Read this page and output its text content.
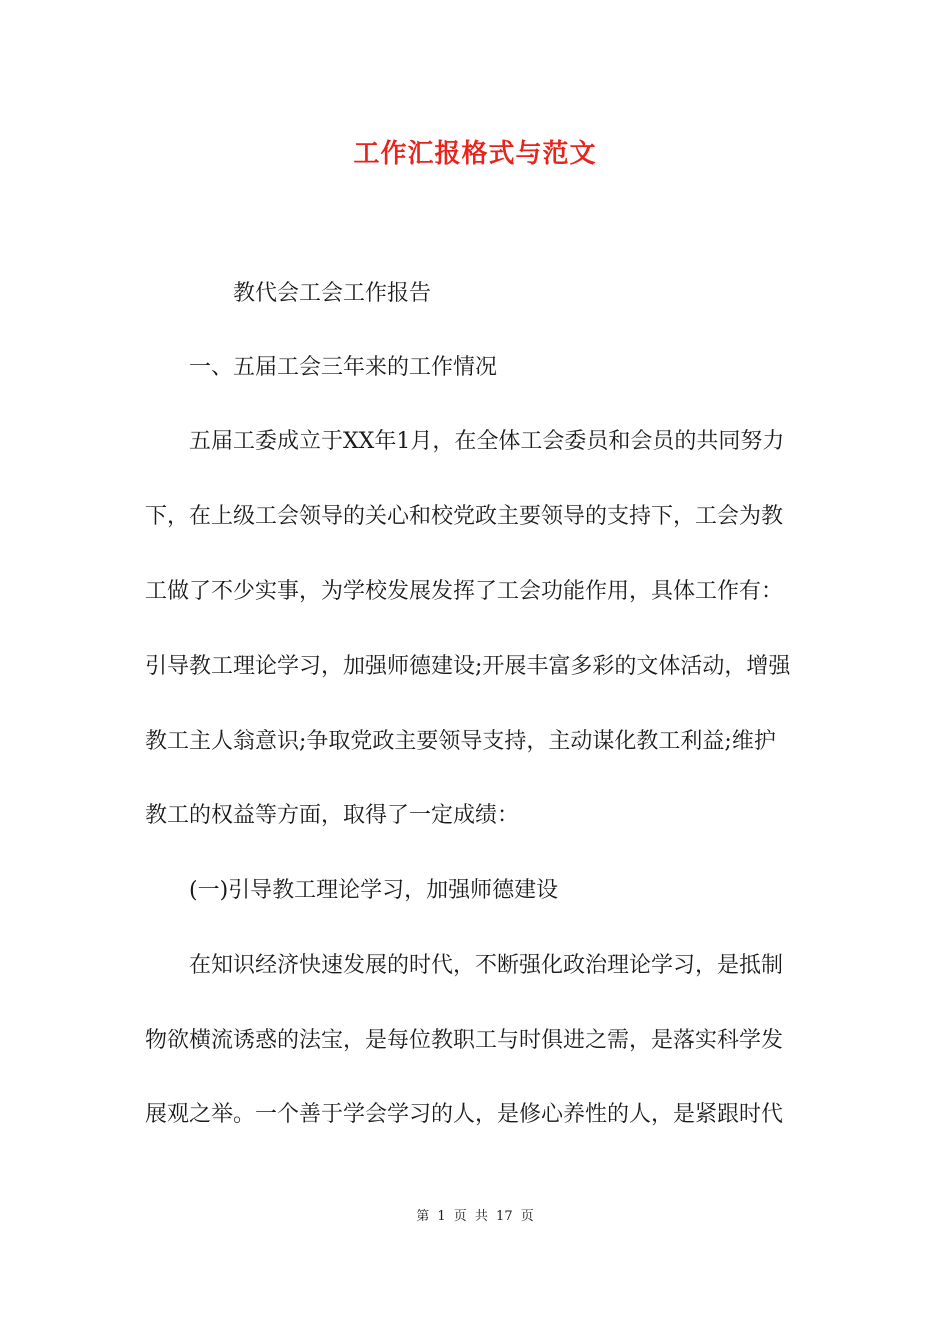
工作汇报格式与范文
教代会工会工作报告
一、五届工会三年来的工作情况
五届工委成立于XX年1月，在全体工会委员和会员的共同努力
下，在上级工会领导的关心和校党政主要领导的支持下，工会为教
工做了不少实事，为学校发展发挥了工会功能作用，具体工作有：
引导教工理论学习，加强师德建设;开展丰富多彩的文体活动，增强
教工主人翁意识;争取党政主要领导支持，主动谋化教工利益;维护
教工的权益等方面，取得了一定成绩：
(一)引导教工理论学习，加强师德建设
在知识经济快速发展的时代，不断强化政治理论学习，是抵制
物欲横流诱惑的法宝，是每位教职工与时俱进之需，是落实科学发
展观之举。一个善于学会学习的人，是修心养性的人，是紧跟时代
第 1 页 共 17 页
